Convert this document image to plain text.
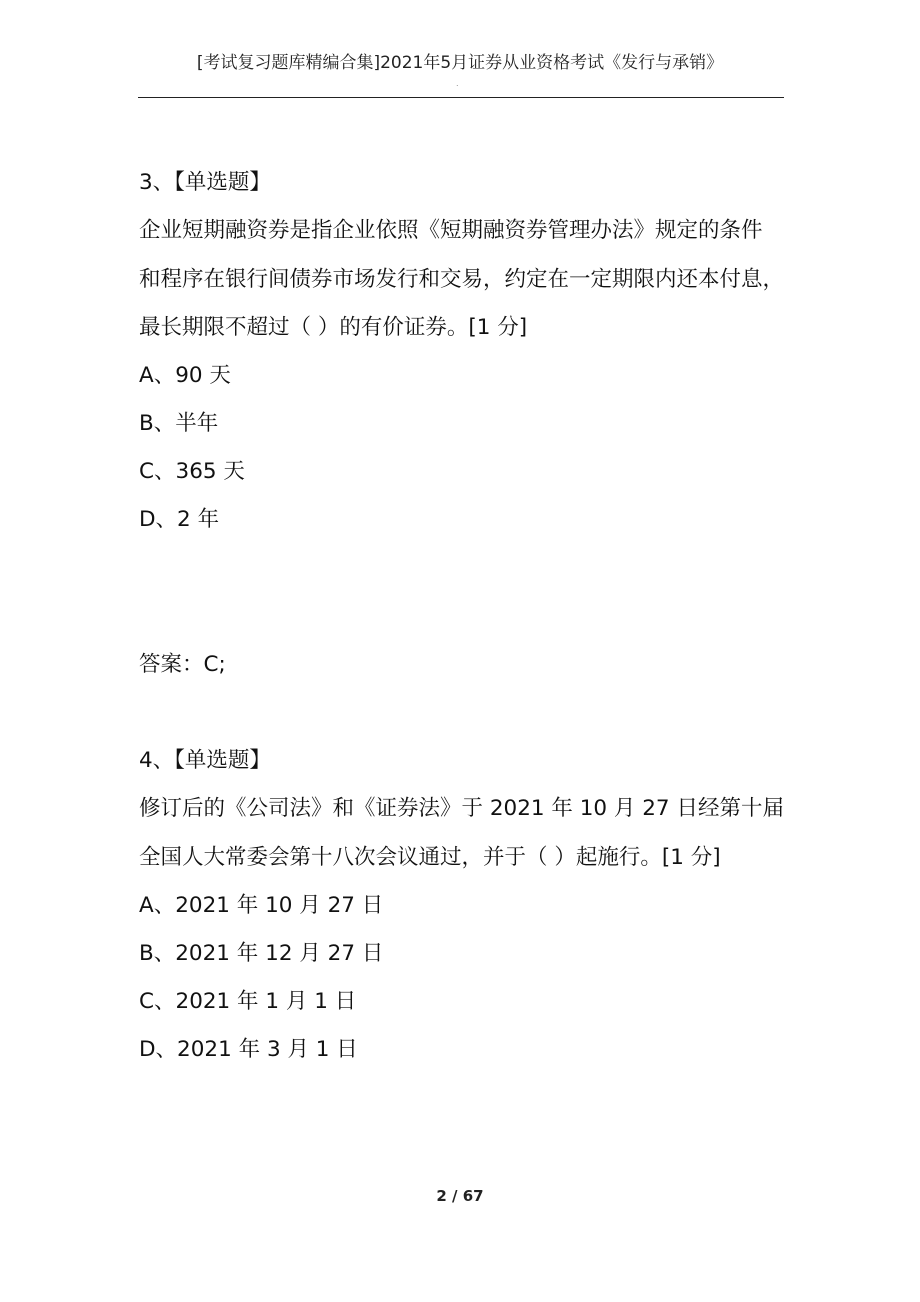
[考试复习题库精编合集]2021年5月证券从业资格考试《发行与承销》
.
3、【单选题】
企业短期融资券是指企业依照《短期融资券管理办法》规定的条件
和程序在银行间债券市场发行和交易，约定在一定期限内还本付息，
最长期限不超过（ ）的有价证券。[1 分]
A、90 天
B、半年
C、365 天
D、2 年
答案：C;
4、【单选题】
修订后的《公司法》和《证券法》于 2021 年 10 月 27 日经第十届
全国人大常委会第十八次会议通过，并于（ ）起施行。[1 分]
A、2021 年 10 月 27 日
B、2021 年 12 月 27 日
C、2021 年 1 月 1 日
D、2021 年 3 月 1 日
2 / 67
